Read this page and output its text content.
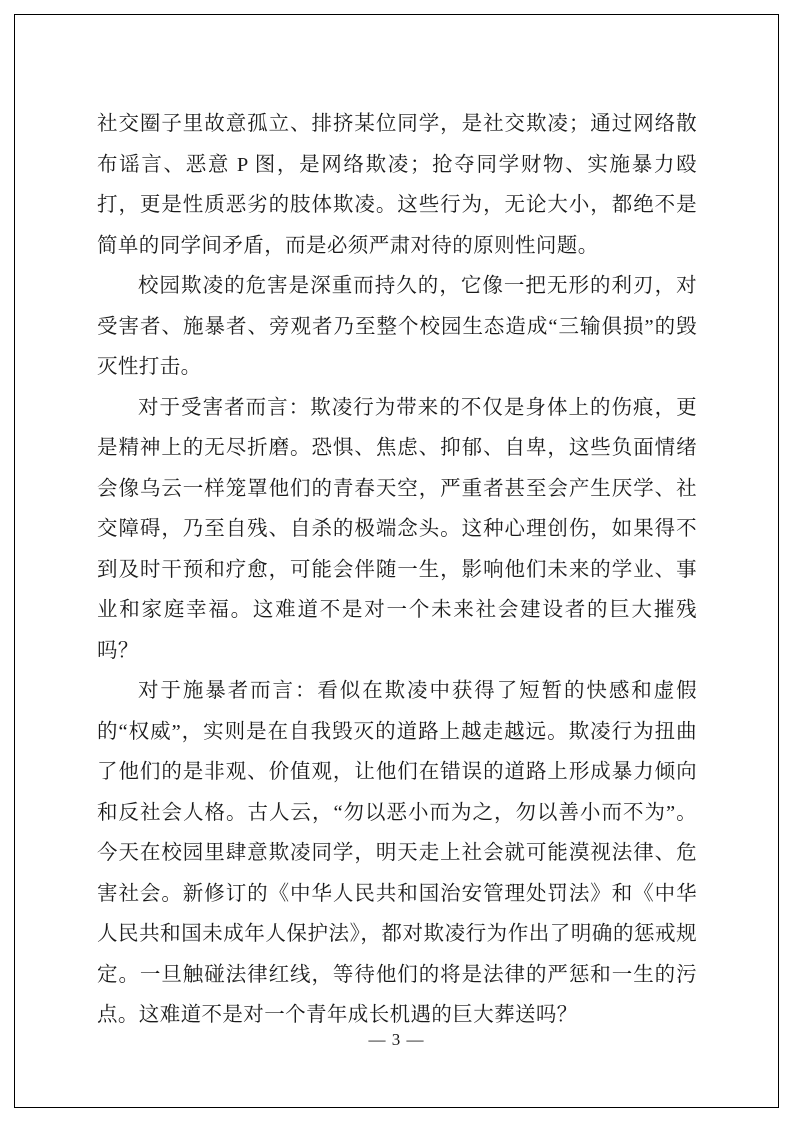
社交圈子里故意孤立、排挤某位同学，是社交欺凌；通过网络散布谣言、恶意 P 图，是网络欺凌；抢夺同学财物、实施暴力殴打，更是性质恶劣的肢体欺凌。这些行为，无论大小，都绝不是简单的同学间矛盾，而是必须严肃对待的原则性问题。

校园欺凌的危害是深重而持久的，它像一把无形的利刃，对受害者、施暴者、旁观者乃至整个校园生态造成“三输俱损”的毁灭性打击。

对于受害者而言：欺凌行为带来的不仅是身体上的伤痕，更是精神上的无尽折磨。恐惧、焦虑、抑郁、自卑，这些负面情绪会像乌云一样笼罩他们的青春天空，严重者甚至会产生厌学、社交障碍，乃至自残、自杀的极端念头。这种心理创伤，如果得不到及时干预和疗愈，可能会伴随一生，影响他们未来的学业、事业和家庭幸福。这难道不是对一个未来社会建设者的巨大摧残吗？

对于施暴者而言：看似在欺凌中获得了短暂的快感和虚假的“权威”，实则是在自我毁灭的道路上越走越远。欺凌行为扭曲了他们的是非观、价值观，让他们在错误的道路上形成暴力倾向和反社会人格。古人云，“勿以恶小而为之，勿以善小而不为”。今天在校园里肆意欺凌同学，明天走上社会就可能漠视法律、危害社会。新修订的《中华人民共和国治安管理处罚法》和《中华人民共和国未成年人保护法》，都对欺凌行为作出了明确的惩戒规定。一旦触碰法律红线，等待他们的将是法律的严惩和一生的污点。这难道不是对一个青年成长机遇的巨大葬送吗？

— 3 —
